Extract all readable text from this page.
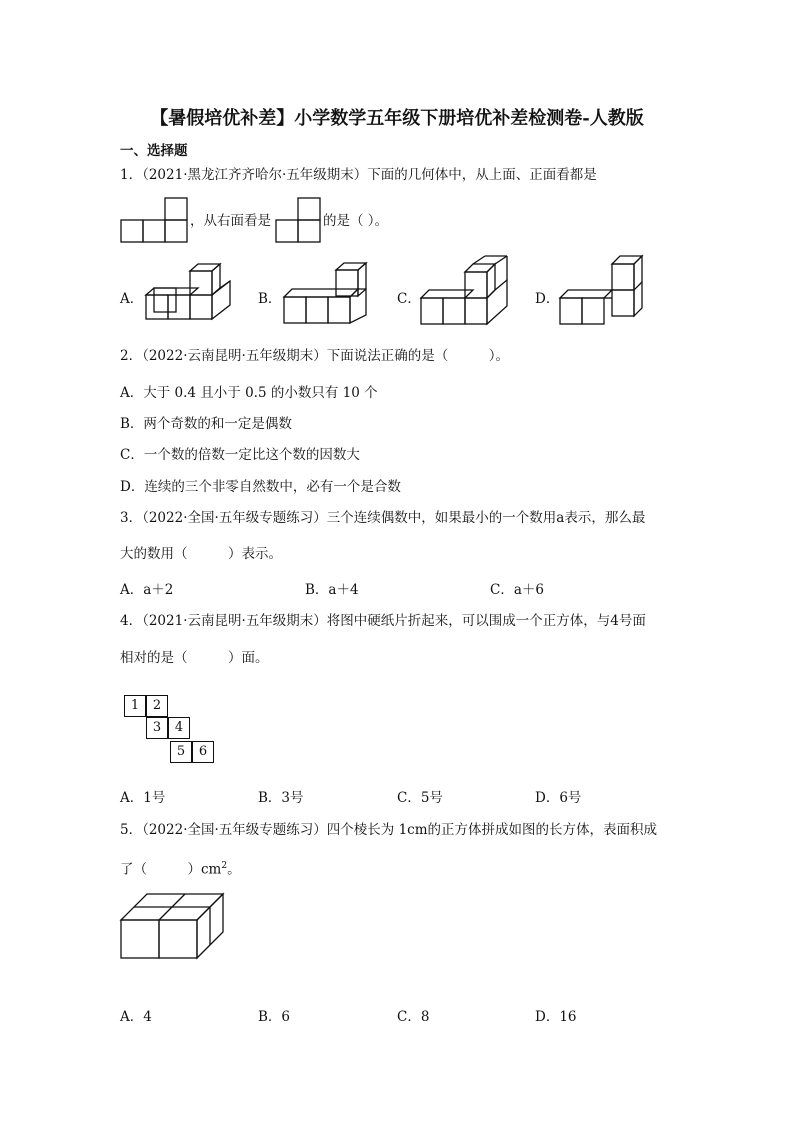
【暑假培优补差】小学数学五年级下册培优补差检测卷-人教版
一、选择题
1．（2021·黑龙江齐齐哈尔·五年级期末）下面的几何体中，从上面、正面看都是
，从右面看是	的是（ ）。
A．	B．	C．	D．
2．（2022·云南昆明·五年级期末）下面说法正确的是（　　　）。
A．大于 0.4 且小于 0.5 的小数只有 10 个
B．两个奇数的和一定是偶数
C．一个数的倍数一定比这个数的因数大
D．连续的三个非零自然数中，必有一个是合数
3．（2022·全国·五年级专题练习）三个连续偶数中，如果最小的一个数用a表示，那么最
大的数用（　　　）表示。
A．a＋2	B．a＋4	C．a＋6
4．（2021·云南昆明·五年级期末）将图中硬纸片折起来，可以围成一个正方体，与4号面
相对的是（　　　）面。
1	2
3	4
5	6
A．1号	B．3号	C．5号	D．6号
5．（2022·全国·五年级专题练习）四个棱长为 1cm的正方体拼成如图的长方体，表面积成
了（　　　）$cm^2$。
A．4	B．6	C．8	D．16
